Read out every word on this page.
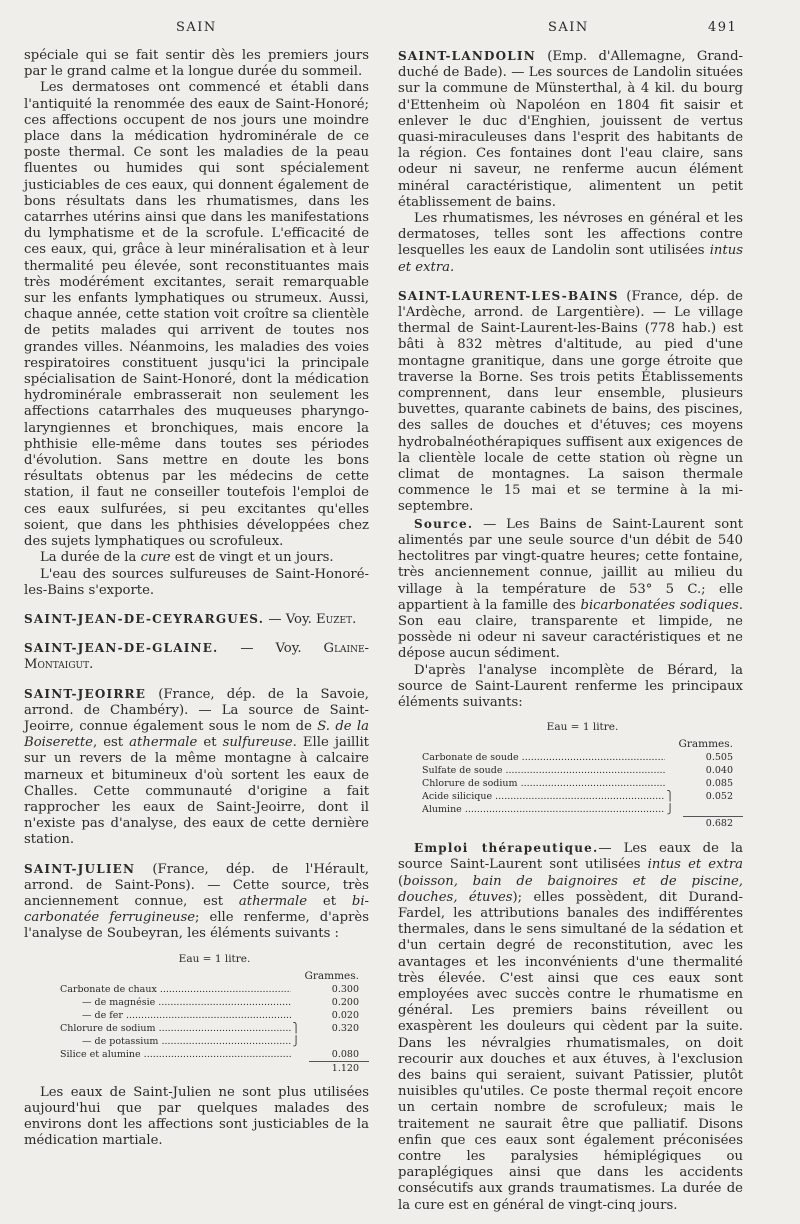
SAIN	SAIN	491

spéciale qui se fait sentir dès les premiers jours par le grand calme et la longue durée du sommeil.

Les dermatoses ont commencé et établi dans l'antiquité la renommée des eaux de Saint-Honoré; ces affections occupent de nos jours une moindre place dans la médication hydrominérale de ce poste thermal. Ce sont les maladies de la peau fluentes ou humides qui sont spécialement justiciables de ces eaux, qui donnent également de bons résultats dans les rhumatismes, dans les catarrhes utérins ainsi que dans les manifestations du lymphatisme et de la scrofule. L'efficacité de ces eaux, qui, grâce à leur minéralisation et à leur thermalité peu élevée, sont reconstituantes mais très modérément excitantes, serait remarquable sur les enfants lymphatiques ou strumeux. Aussi, chaque année, cette station voit croître sa clientèle de petits malades qui arrivent de toutes nos grandes villes. Néanmoins, les maladies des voies respiratoires constituent jusqu'ici la principale spécialisation de Saint-Honoré, dont la médication hydrominérale embrasserait non seulement les affections catarrhales des muqueuses pharyngo-laryngiennes et bronchiques, mais encore la phthisie elle-même dans toutes ses périodes d'évolution. Sans mettre en doute les bons résultats obtenus par les médecins de cette station, il faut ne conseiller toutefois l'emploi de ces eaux sulfurées, si peu excitantes qu'elles soient, que dans les phthisies développées chez des sujets lymphatiques ou scrofuleux.

La durée de la cure est de vingt et un jours.

L'eau des sources sulfureuses de Saint-Honoré-les-Bains s'exporte.

SAINT-JEAN-DE-CEYRARGUES. — Voy. Euzet.

SAINT-JEAN-DE-GLAINE. — Voy. Glaine-Montaigut.

SAINT-JEOIRRE (France, dép. de la Savoie, arrond. de Chambéry). — La source de Saint-Jeoirre, connue également sous le nom de S. de la Boiserette, est athermale et sulfureuse. Elle jaillit sur un revers de la même montagne à calcaire marneux et bitumineux d'où sortent les eaux de Challes. Cette communauté d'origine a fait rapprocher les eaux de Saint-Jeoirre, dont il n'existe pas d'analyse, des eaux de cette dernière station.

SAINT-JULIEN (France, dép. de l'Hérault, arrond. de Saint-Pons). — Cette source, très anciennement connue, est athermale et bi-carbonatée ferrugineuse; elle renferme, d'après l'analyse de Soubeyran, les éléments suivants :

Eau = 1 litre.
Grammes.
Carbonate de chaux .....	0.300
— de magnésie .....	0.200
— de fer .....	0.020
Chlorure de sodium .....	⎫	0.320
— de potassium .....	⎭
Silice et alumine .....	0.080
1.120

Les eaux de Saint-Julien ne sont plus utilisées aujourd'hui que par quelques malades des environs dont les affections sont justiciables de la médication martiale.

SAINT-LANDOLIN (Emp. d'Allemagne, Grand-duché de Bade). — Les sources de Landolin situées sur la commune de Münsterthal, à 4 kil. du bourg d'Ettenheim où Napoléon en 1804 fit saisir et enlever le duc d'Enghien, jouissent de vertus quasi-miraculeuses dans l'esprit des habitants de la région. Ces fontaines dont l'eau claire, sans odeur ni saveur, ne renferme aucun élément minéral caractéristique, alimentent un petit établissement de bains.

Les rhumatismes, les névroses en général et les dermatoses, telles sont les affections contre lesquelles les eaux de Landolin sont utilisées intus et extra.

SAINT-LAURENT-LES-BAINS (France, dép. de l'Ardèche, arrond. de Largentière). — Le village thermal de Saint-Laurent-les-Bains (778 hab.) est bâti à 832 mètres d'altitude, au pied d'une montagne granitique, dans une gorge étroite que traverse la Borne. Ses trois petits Établissements comprennent, dans leur ensemble, plusieurs buvettes, quarante cabinets de bains, des piscines, des salles de douches et d'étuves; ces moyens hydrobalnéothérapiques suffisent aux exigences de la clientèle locale de cette station où règne un climat de montagnes. La saison thermale commence le 15 mai et se termine à la mi-septembre.

Source. — Les Bains de Saint-Laurent sont alimentés par une seule source d'un débit de 540 hectolitres par vingt-quatre heures; cette fontaine, très anciennement connue, jaillit au milieu du village à la température de 53° 5 C.; elle appartient à la famille des bicarbonatées sodiques. Son eau claire, transparente et limpide, ne possède ni odeur ni saveur caractéristiques et ne dépose aucun sédiment.

D'après l'analyse incomplète de Bérard, la source de Saint-Laurent renferme les principaux éléments suivants:

Eau = 1 litre.
Grammes.
Carbonate de soude .....	0.505
Sulfate de soude .....	0.040
Chlorure de sodium .....	0.085
Acide silicique .....	⎫	0.052
Alumine .....	⎭
0.682

Emploi thérapeutique.— Les eaux de la source Saint-Laurent sont utilisées intus et extra (boisson, bain de baignoires et de piscine, douches, étuves); elles possèdent, dit Durand-Fardel, les attributions banales des indifférentes thermales, dans le sens simultané de la sédation et d'un certain degré de reconstitution, avec les avantages et les inconvénients d'une thermalité très élevée. C'est ainsi que ces eaux sont employées avec succès contre le rhumatisme en général. Les premiers bains réveillent ou exaspèrent les douleurs qui cèdent par la suite. Dans les névralgies rhumatismales, on doit recourir aux douches et aux étuves, à l'exclusion des bains qui seraient, suivant Patissier, plutôt nuisibles qu'utiles. Ce poste thermal reçoit encore un certain nombre de scrofuleux; mais le traitement ne saurait être que palliatif. Disons enfin que ces eaux sont également préconisées contre les paralysies hémiplégiques ou paraplégiques ainsi que dans les accidents consécutifs aux grands traumatismes. La durée de la cure est en général de vingt-cinq jours.
